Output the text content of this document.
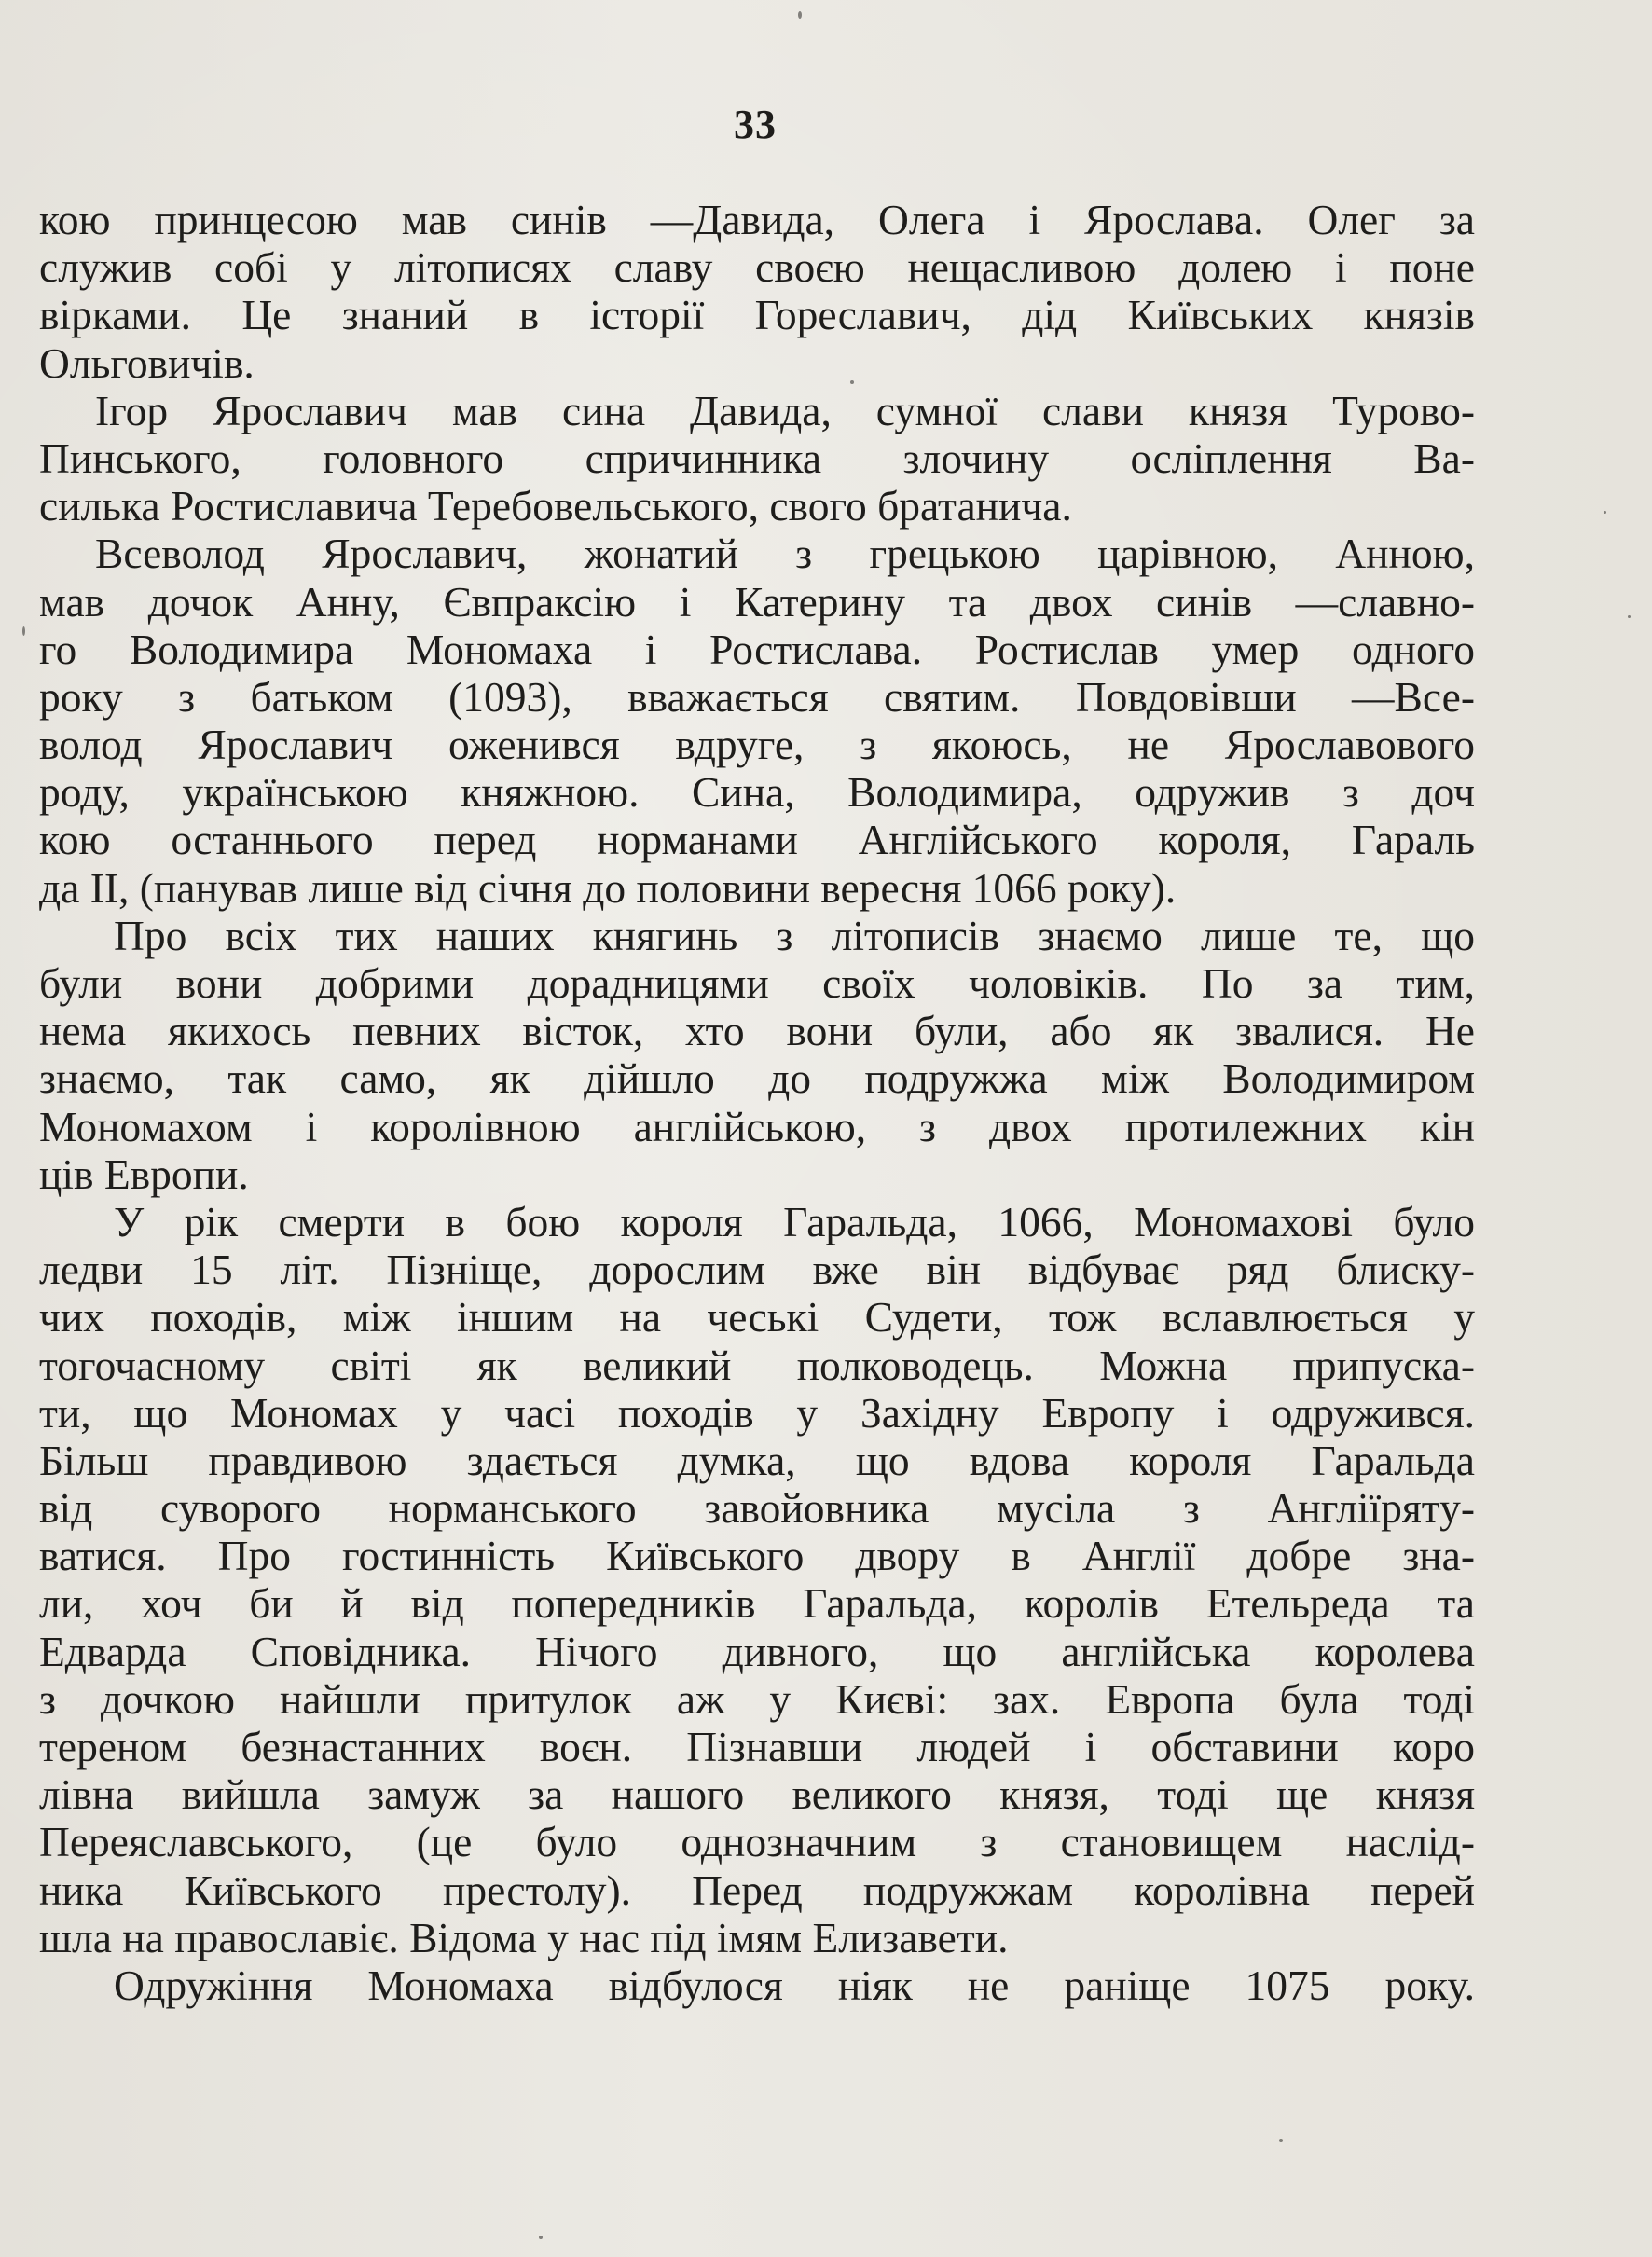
33
кою принцесою мав синів —Давида, Олега і Ярослава. Олег за
служив собі у літописях славу своєю нещасливою долею і поне
вірками. Це знаний в історії Гореславич, дід Київських князів
Ольговичів.
Ігор Ярославич мав сина Давида, сумної слави князя Турово-
Пинського, головного спричинника злочину осліплення Ва-
силька Ростиславича Теребовельського, свого братанича.
Всеволод Ярославич, жонатий з грецькою царівною, Анною,
мав дочок Анну, Євпраксію і Катерину та двох синів —славно-
го Володимира Мономаха і Ростислава. Ростислав умер одного
року з батьком (1093), вважається святим. Повдовівши —Все-
волод Ярославич оженився вдруге, з якоюсь, не Ярославового
роду, українською княжною. Сина, Володимира, одружив з доч
кою останнього перед норманами Англійського короля, Гараль
да II, (панував лише від січня до половини вересня 1066 року).
Про всіх тих наших княгинь з літописів знаємо лише те, що
були вони добрими дорадницями своїх чоловіків. По за тим,
нема якихось певних вісток, хто вони були, або як звалися. Не
знаємо, так само, як дійшло до подружжа між Володимиром
Мономахом і королівною англійською, з двох протилежних кін
ців Европи.
У рік смерти в бою короля Гаральда, 1066, Мономахові було
ледви 15 літ. Пізніще, дорослим вже він відбуває ряд блиску-
чих походів, між іншим на чеські Судети, тож вславлюється у
тогочасному світі як великий полководець. Можна припуска-
ти, що Мономах у часі походів у Західну Европу і одружився.
Більш правдивою здається думка, що вдова короля Гаральда
від суворого норманського завойовника мусіла з Англіїряту-
ватися. Про гостинність Київського двору в Англії добре зна-
ли, хоч би й від попередників Гаральда, королів Етельреда та
Едварда Сповідника. Нічого дивного, що англійська королева
з дочкою найшли притулок аж у Києві: зах. Европа була тоді
тереном безнастанних воєн. Пізнавши людей і обставини коро
лівна вийшла замуж за нашого великого князя, тоді ще князя
Переяславського, (це було однозначним з становищем наслід-
ника Київського престолу). Перед подружжам королівна перей
шла на православіє. Відома у нас під імям Елизавети.
Одружіння Мономаха відбулося ніяк не раніще 1075 року.
